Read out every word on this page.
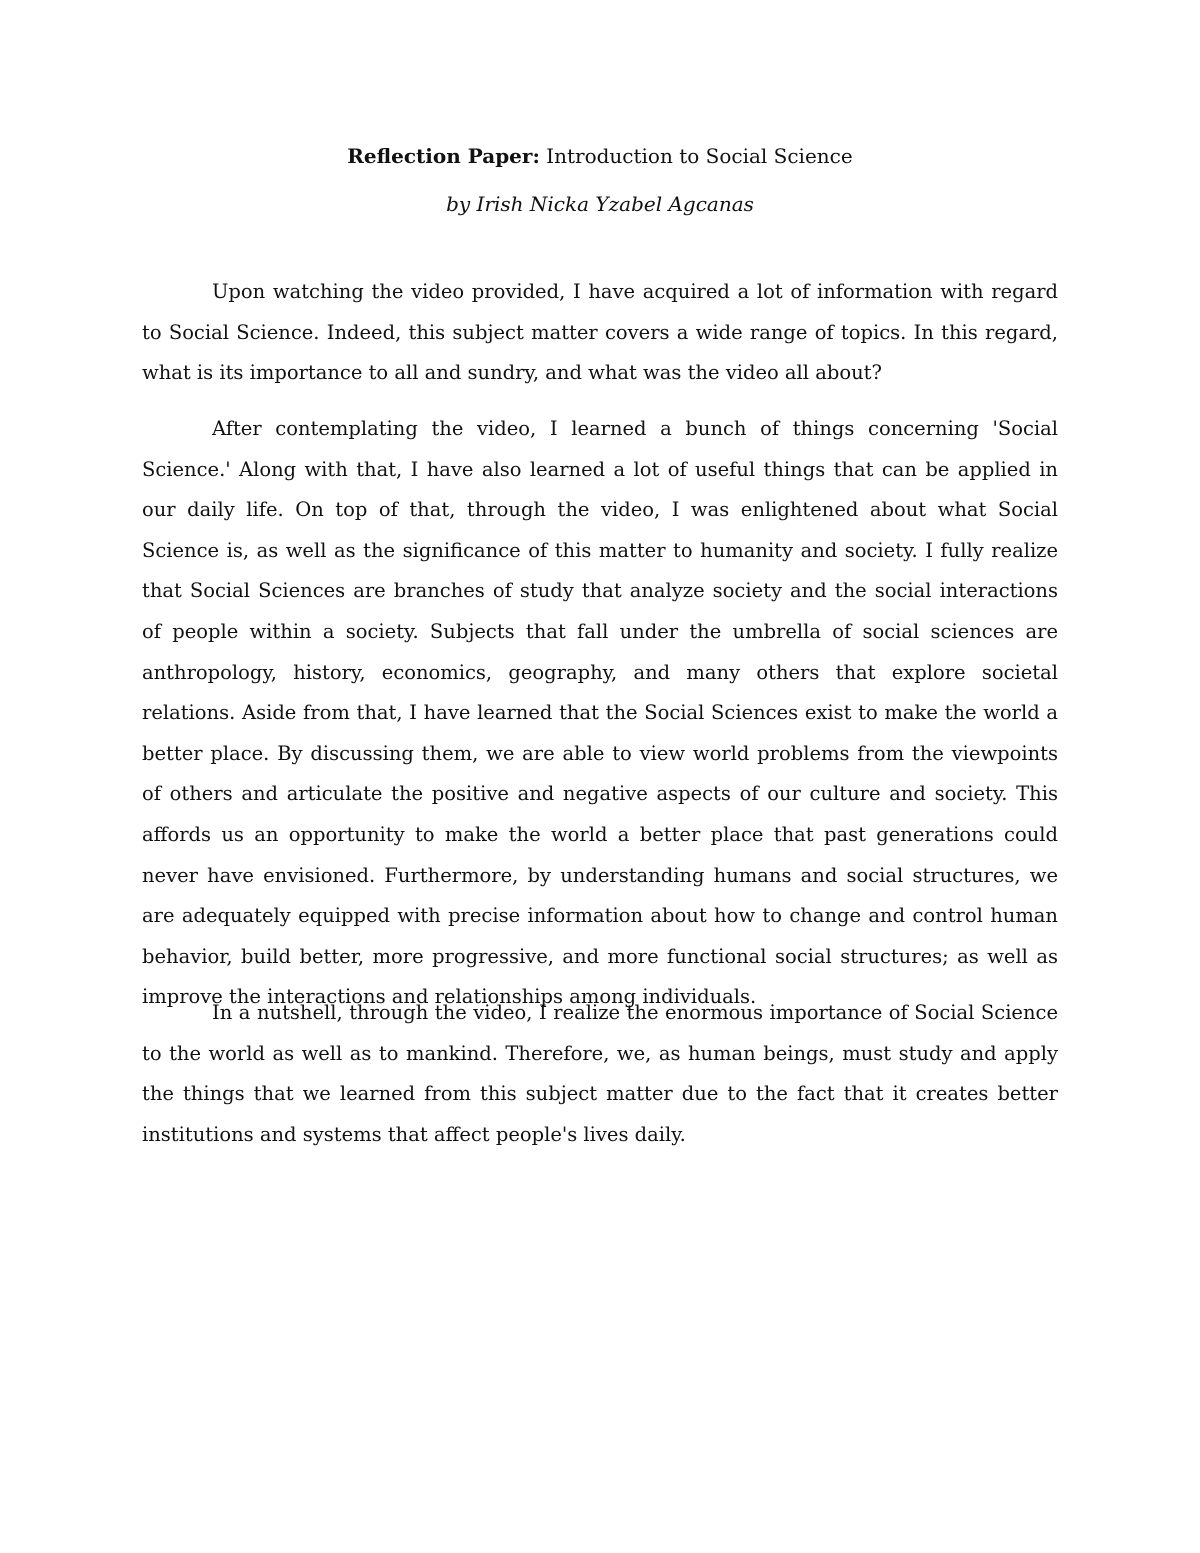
Reflection Paper: Introduction to Social Science
by Irish Nicka Yzabel Agcanas

Upon watching the video provided, I have acquired a lot of information with regard to Social Science. Indeed, this subject matter covers a wide range of topics. In this regard, what is its importance to all and sundry, and what was the video all about?

After contemplating the video, I learned a bunch of things concerning 'Social Science.' Along with that, I have also learned a lot of useful things that can be applied in our daily life. On top of that, through the video, I was enlightened about what Social Science is, as well as the significance of this matter to humanity and society. I fully realize that Social Sciences are branches of study that analyze society and the social interactions of people within a society. Subjects that fall under the umbrella of social sciences are anthropology, history, economics, geography, and many others that explore societal relations. Aside from that, I have learned that the Social Sciences exist to make the world a better place. By discussing them, we are able to view world problems from the viewpoints of others and articulate the positive and negative aspects of our culture and society. This affords us an opportunity to make the world a better place that past generations could never have envisioned. Furthermore, by understanding humans and social structures, we are adequately equipped with precise information about how to change and control human behavior, build better, more progressive, and more functional social structures; as well as improve the interactions and relationships among individuals.

In a nutshell, through the video, I realize the enormous importance of Social Science to the world as well as to mankind. Therefore, we, as human beings, must study and apply the things that we learned from this subject matter due to the fact that it creates better institutions and systems that affect people's lives daily.
